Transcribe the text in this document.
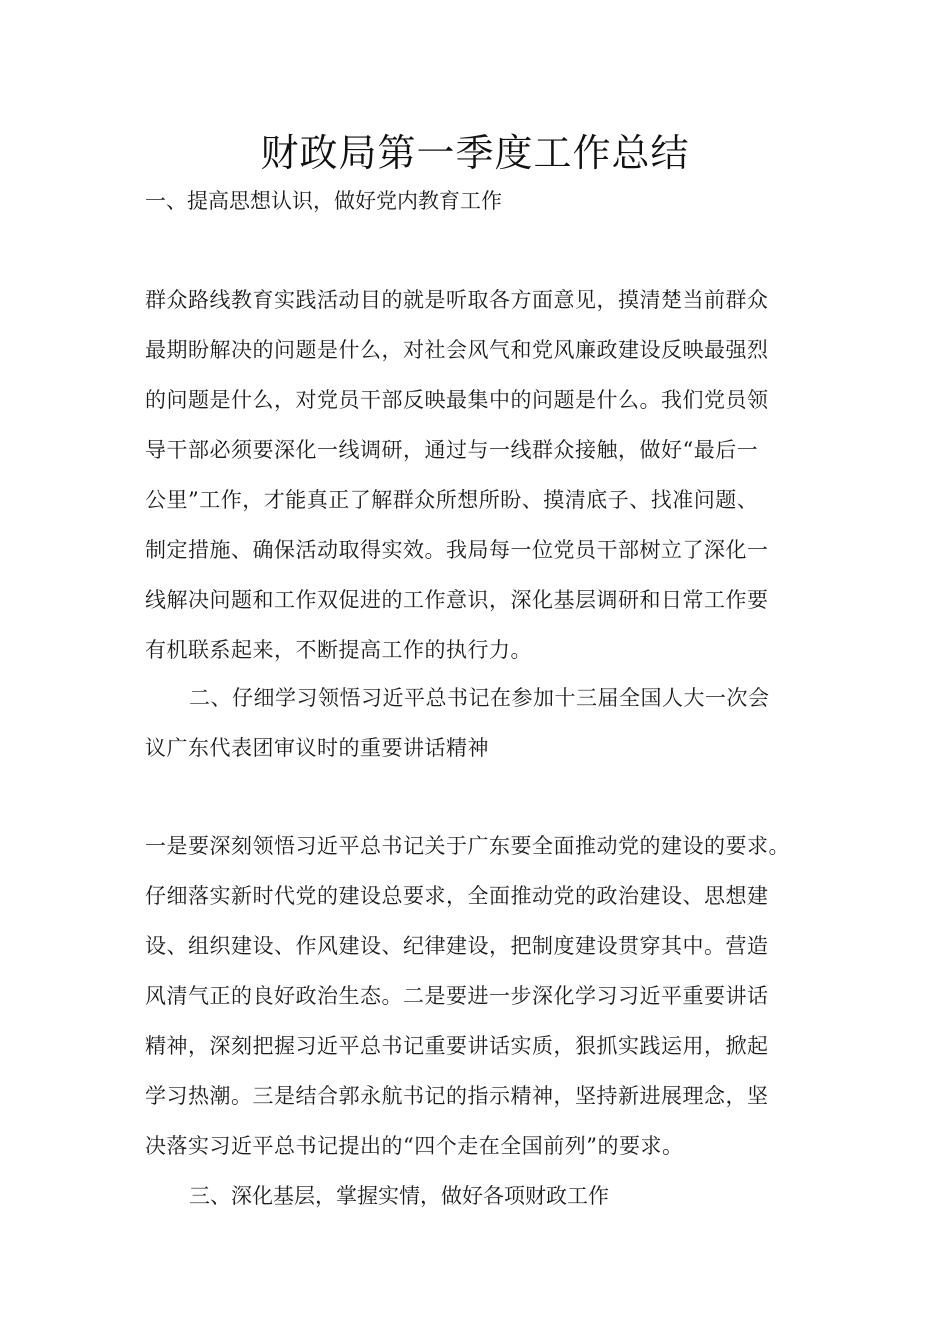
财政局第一季度工作总结
一、提高思想认识，做好党内教育工作
群众路线教育实践活动目的就是听取各方面意见，摸清楚当前群众
最期盼解决的问题是什么，对社会风气和党风廉政建设反映最强烈
的问题是什么，对党员干部反映最集中的问题是什么。我们党员领
导干部必须要深化一线调研，通过与一线群众接触，做好“最后一
公里”工作，才能真正了解群众所想所盼、摸清底子、找准问题、
制定措施、确保活动取得实效。我局每一位党员干部树立了深化一
线解决问题和工作双促进的工作意识，深化基层调研和日常工作要
有机联系起来，不断提高工作的执行力。
二、仔细学习领悟习近平总书记在参加十三届全国人大一次会
议广东代表团审议时的重要讲话精神
一是要深刻领悟习近平总书记关于广东要全面推动党的建设的要求。
仔细落实新时代党的建设总要求，全面推动党的政治建设、思想建
设、组织建设、作风建设、纪律建设，把制度建设贯穿其中。营造
风清气正的良好政治生态。二是要进一步深化学习习近平重要讲话
精神，深刻把握习近平总书记重要讲话实质，狠抓实践运用，掀起
学习热潮。三是结合郭永航书记的指示精神，坚持新进展理念，坚
决落实习近平总书记提出的“四个走在全国前列”的要求。
三、深化基层，掌握实情，做好各项财政工作
